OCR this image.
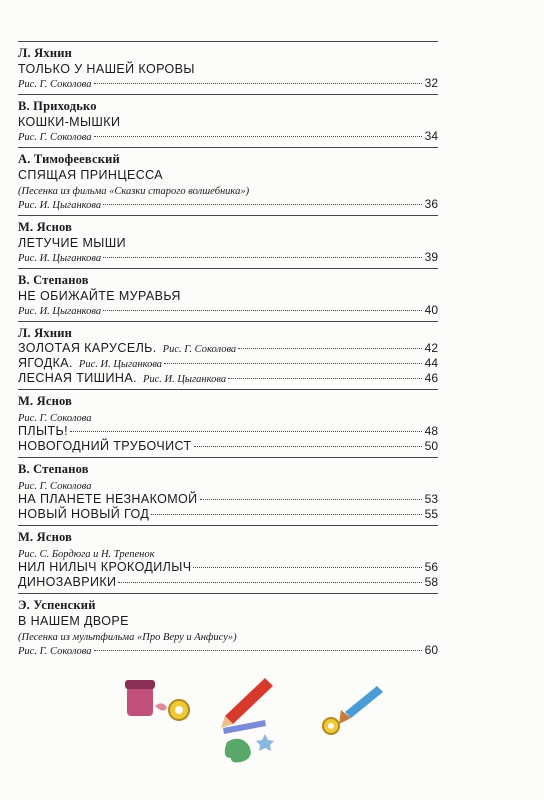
Л. Яхнин
ТОЛЬКО У НАШЕЙ КОРОВЫ
Рис. Г. Соколова	32
В. Приходько
КОШКИ-МЫШКИ
Рис. Г. Соколова	34
А. Тимофеевский
СПЯЩАЯ ПРИНЦЕССА
(Песенка из фильма «Сказки старого волшебника»)
Рис. И. Цыганкова	36
М. Яснов
ЛЕТУЧИЕ МЫШИ
Рис. И. Цыганкова	39
В. Степанов
НЕ ОБИЖАЙТЕ МУРАВЬЯ
Рис. И. Цыганкова	40
Л. Яхнин
ЗОЛОТАЯ КАРУСЕЛЬ. Рис. Г. Соколова	42
ЯГОДКА. Рис. И. Цыганкова	44
ЛЕСНАЯ ТИШИНА. Рис. И. Цыганкова	46
М. Яснов
Рис. Г. Соколова
ПЛЫТЬ!	48
НОВОГОДНИЙ ТРУБОЧИСТ	50
В. Степанов
Рис. Г. Соколова
НА ПЛАНЕТЕ НЕЗНАКОМОЙ	53
НОВЫЙ НОВЫЙ ГОД	55
М. Яснов
Рис. С. Бордюга и Н. Трепенок
НИЛ НИЛЫЧ КРОКОДИЛЫЧ	56
ДИНОЗАВРИКИ	58
Э. Успенский
В НАШЕМ ДВОРЕ
(Песенка из мультфильма «Про Веру и Анфису»)
Рис. Г. Соколова	60
